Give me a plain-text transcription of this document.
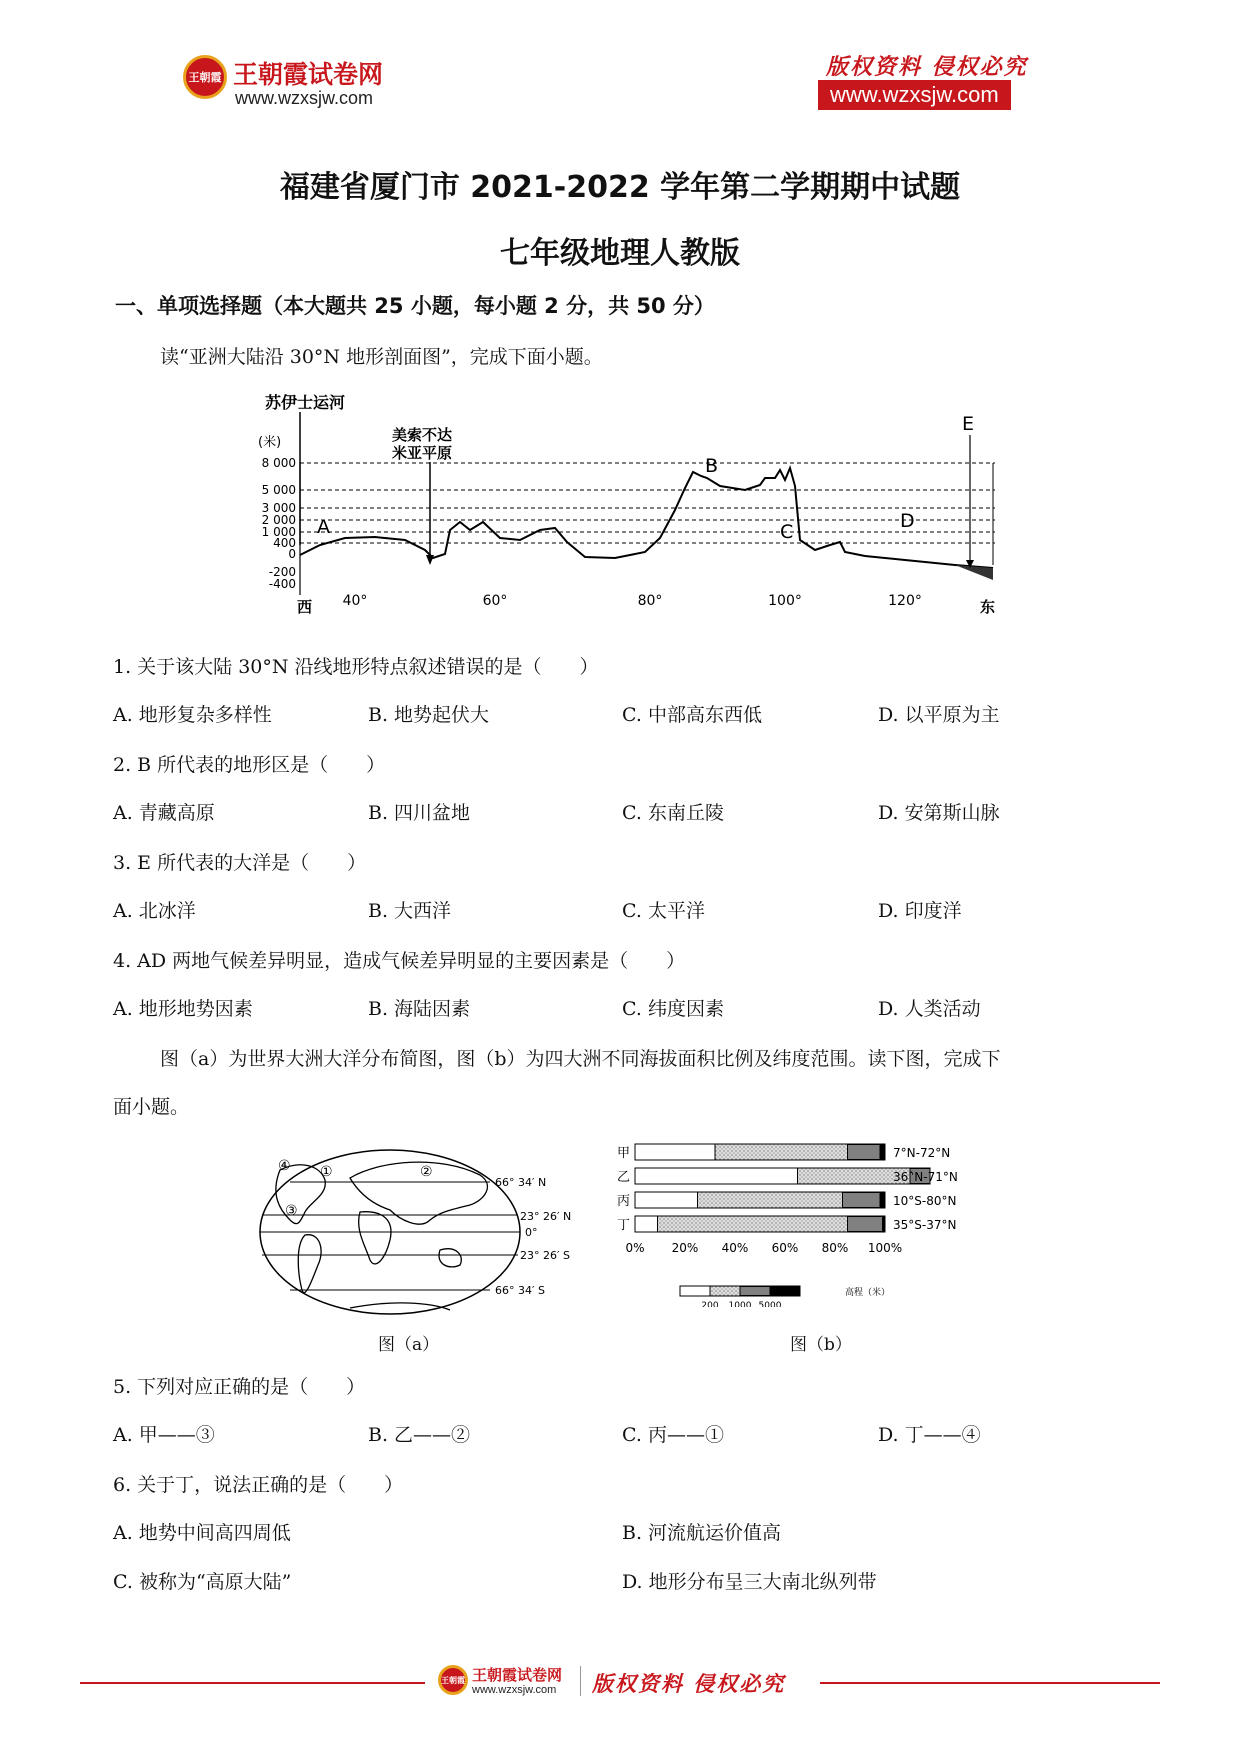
王朝霞 王朝霞试卷网
www.wzxsjw.com
版权资料 侵权必究
www.wzxsjw.com
福建省厦门市 2021-2022 学年第二学期期中试题
七年级地理人教版
一、单项选择题（本大题共 25 小题，每小题 2 分，共 50 分）
读“亚洲大陆沿 30°N 地形剖面图”，完成下面小题。
苏伊士运河
(米)	美索不达
米亚平原
8 000
5 000
3 000
2 000
1 000
400
0
-200
-400
A
B
C	D
E
西 40°	60°	80°	100°	120°	东
1. 关于该大陆 30°N 沿线地形特点叙述错误的是（　　）
A. 地形复杂多样性	B. 地势起伏大	C. 中部高东西低	D. 以平原为主
2. B 所代表的地形区是（　　）
A. 青藏高原	B. 四川盆地	C. 东南丘陵	D. 安第斯山脉
3. E 所代表的大洋是（　　）
A. 北冰洋	B. 大西洋	C. 太平洋	D. 印度洋
4. AD 两地气候差异明显，造成气候差异明显的主要因素是（　　）
A. 地形地势因素	B. 海陆因素	C. 纬度因素	D. 人类活动
图（a）为世界大洲大洋分布简图，图（b）为四大洲不同海拔面积比例及纬度范围。读下图，完成下
面小题。
①	②
③
④
66° 34′ N
23° 26′ N
0°
23° 26′ S
66° 34′ S
图（a）
甲
乙
丙
丁
7°N-72°N
36°N-71°N
10°S-80°N
35°S-37°N
0% 20% 40% 60% 80% 100%
高程（米）
200 1000 5000
图（b）
5. 下列对应正确的是（　　）
A. 甲——③	B. 乙——②	C. 丙——①	D. 丁——④
6. 关于丁，说法正确的是（　　）
A. 地势中间高四周低	B. 河流航运价值高
C. 被称为“高原大陆”	D. 地形分布呈三大南北纵列带
王朝霞 王朝霞试卷网
www.wzxsjw.com 版权资料 侵权必究
